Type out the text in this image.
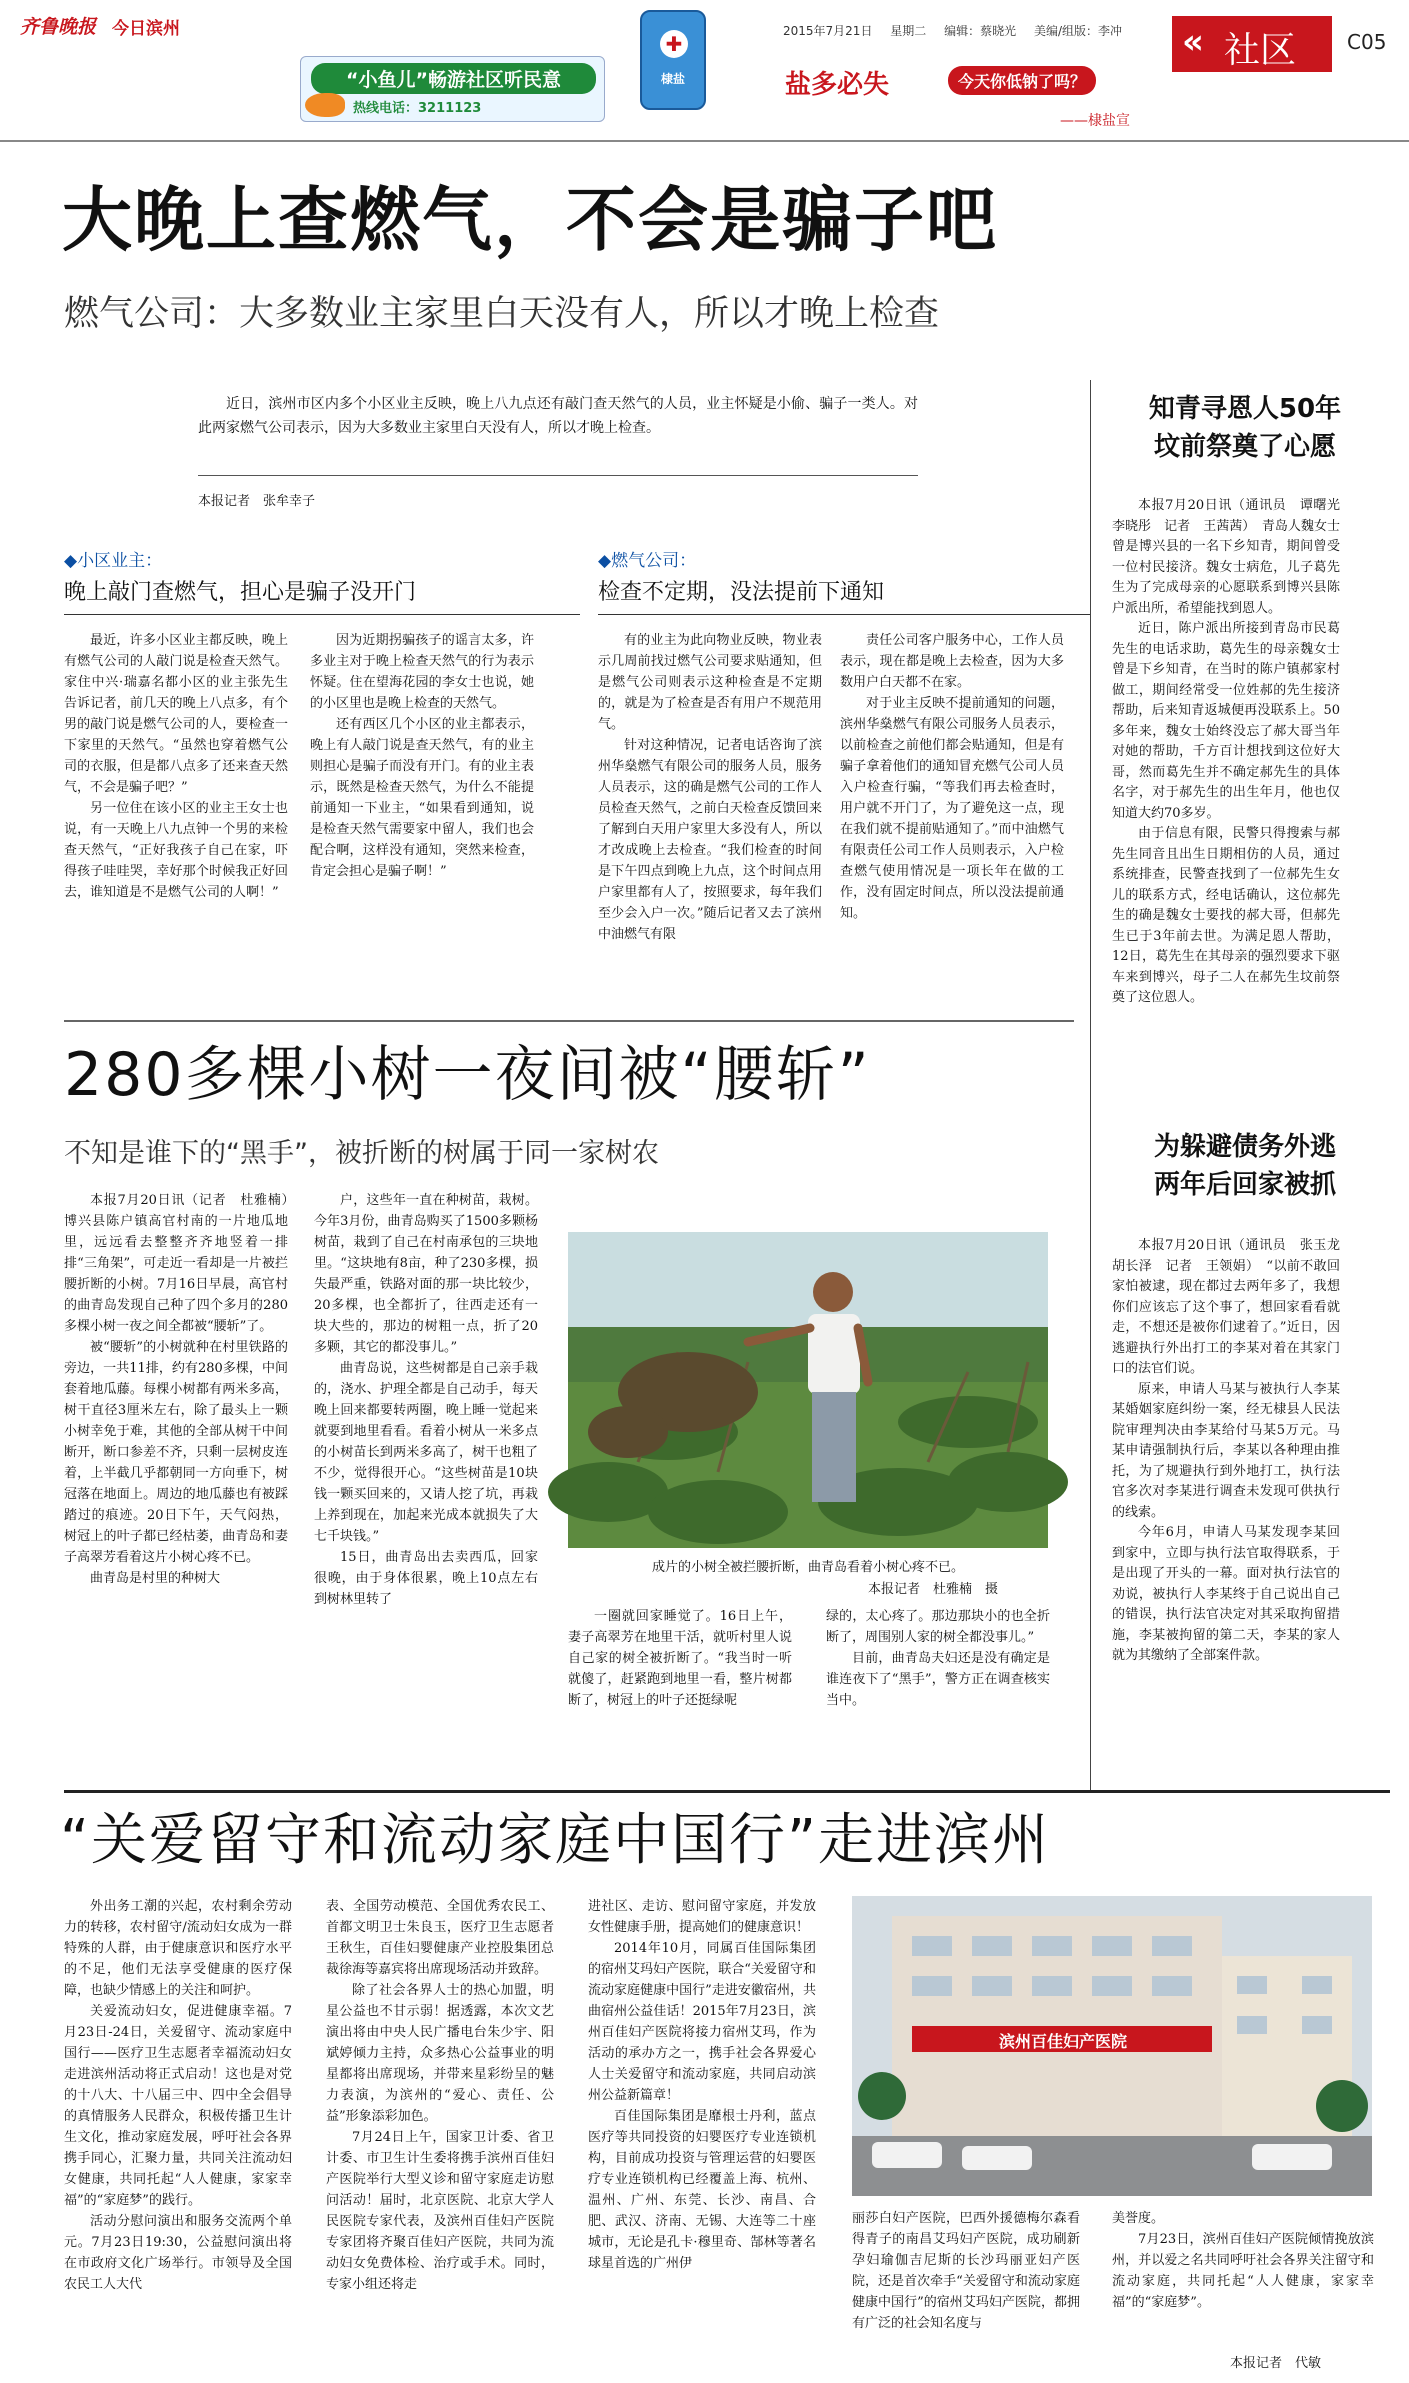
齐鲁晚报 今日滨州
“小鱼儿”畅游社区听民意
热线电话：3211123
✚
棣盐
2015年7月21日 星期二 编辑：蔡晓光 美编/组版：李冲
盐多必失	今天你低钠了吗？
——棣盐宣
« 社区	C05
大晚上查燃气，不会是骗子吧
燃气公司：大多数业主家里白天没有人，所以才晚上检查
近日，滨州市区内多个小区业主反映，晚上八九点还有敲门查天然气的人员，业主怀疑是小偷、骗子一类人。对此两家燃气公司表示，因为大多数业主家里白天没有人，所以才晚上检查。
本报记者　张牟幸子
◆小区业主：
晚上敲门查燃气，担心是骗子没开门
◆燃气公司：
检查不定期，没法提前下通知

最近，许多小区业主都反映，晚上有燃气公司的人敲门说是检查天然气。家住中兴·瑞嘉名都小区的业主张先生告诉记者，前几天的晚上八点多，有个男的敲门说是燃气公司的人，要检查一下家里的天然气。“虽然也穿着燃气公司的衣服，但是都八点多了还来查天然气，不会是骗子吧？”

另一位住在该小区的业主王女士也说，有一天晚上八九点钟一个男的来检查天然气，“正好我孩子自己在家，吓得孩子哇哇哭，幸好那个时候我正好回去，谁知道是不是燃气公司的人啊！”

因为近期拐骗孩子的谣言太多，许多业主对于晚上检查天然气的行为表示怀疑。住在望海花园的李女士也说，她的小区里也是晚上检查的天然气。

还有西区几个小区的业主都表示，晚上有人敲门说是查天然气，有的业主则担心是骗子而没有开门。有的业主表示，既然是检查天然气，为什么不能提前通知一下业主，“如果看到通知，说是检查天然气需要家中留人，我们也会配合啊，这样没有通知，突然来检查，肯定会担心是骗子啊！”

有的业主为此向物业反映，物业表示几周前找过燃气公司要求贴通知，但是燃气公司则表示这种检查是不定期的，就是为了检查是否有用户不规范用气。

针对这种情况，记者电话咨询了滨州华燊燃气有限公司的服务人员，服务人员表示，这的确是燃气公司的工作人员检查天然气，之前白天检查反馈回来了解到白天用户家里大多没有人，所以才改成晚上去检查。“我们检查的时间是下午四点到晚上九点，这个时间点用户家里都有人了，按照要求，每年我们至少会入户一次。”随后记者又去了滨州中油燃气有限

责任公司客户服务中心，工作人员表示，现在都是晚上去检查，因为大多数用户白天都不在家。

对于业主反映不提前通知的问题，滨州华燊燃气有限公司服务人员表示，以前检查之前他们都会贴通知，但是有骗子拿着他们的通知冒充燃气公司人员入户检查行骗，“等我们再去检查时，用户就不开门了，为了避免这一点，现在我们就不提前贴通知了。”而中油燃气有限责任公司工作人员则表示，入户检查燃气使用情况是一项长年在做的工作，没有固定时间点，所以没法提前通知。

知青寻恩人50年
坟前祭奠了心愿

本报7月20日讯（通讯员　谭曙光　李晓彤　记者　王茜茜）　青岛人魏女士曾是博兴县的一名下乡知青，期间曾受一位村民接济。魏女士病危，儿子葛先生为了完成母亲的心愿联系到博兴县陈户派出所，希望能找到恩人。

近日，陈户派出所接到青岛市民葛先生的电话求助，葛先生的母亲魏女士曾是下乡知青，在当时的陈户镇郝家村做工，期间经常受一位姓郝的先生接济帮助，后来知青返城便再没联系上。50多年来，魏女士始终没忘了郝大哥当年对她的帮助，千方百计想找到这位好大哥，然而葛先生并不确定郝先生的具体名字，对于郝先生的出生年月，他也仅知道大约70多岁。

由于信息有限，民警只得搜索与郝先生同音且出生日期相仿的人员，通过系统排查，民警查找到了一位郝先生女儿的联系方式，经电话确认，这位郝先生的确是魏女士要找的郝大哥，但郝先生已于3年前去世。为满足恩人帮助，12日，葛先生在其母亲的强烈要求下驱车来到博兴，母子二人在郝先生坟前祭奠了这位恩人。

为躲避债务外逃
两年后回家被抓

本报7月20日讯（通讯员　张玉龙　胡长泽　记者　王领娟）　“以前不敢回家怕被逮，现在都过去两年多了，我想你们应该忘了这个事了，想回家看看就走，不想还是被你们逮着了。”近日，因逃避执行外出打工的李某对着在其家门口的法官们说。

原来，申请人马某与被执行人李某某婚姻家庭纠纷一案，经无棣县人民法院审理判决由李某给付马某5万元。马某申请强制执行后，李某以各种理由推托，为了规避执行到外地打工，执行法官多次对李某进行调查未发现可供执行的线索。

今年6月，申请人马某发现李某回到家中，立即与执行法官取得联系，于是出现了开头的一幕。面对执行法官的劝说，被执行人李某终于自己说出自己的错误，执行法官决定对其采取拘留措施，李某被拘留的第二天，李某的家人就为其缴纳了全部案件款。

280多棵小树一夜间被“腰斩”
不知是谁下的“黑手”，被折断的树属于同一家树农

本报7月20日讯（记者　杜雅楠）　博兴县陈户镇高官村南的一片地瓜地里，远远看去整整齐齐地竖着一排排“三角架”，可走近一看却是一片被拦腰折断的小树。7月16日早晨，高官村的曲青岛发现自己种了四个多月的280多棵小树一夜之间全都被“腰斩”了。

被“腰斩”的小树就种在村里铁路的旁边，一共11排，约有280多棵，中间套着地瓜藤。每棵小树都有两米多高，树干直径3厘米左右，除了最头上一颗小树幸免于难，其他的全部从树干中间断开，断口参差不齐，只剩一层树皮连着，上半截几乎都朝同一方向垂下，树冠落在地面上。周边的地瓜藤也有被踩踏过的痕迹。20日下午，天气闷热，树冠上的叶子都已经枯萎，曲青岛和妻子高翠芳看着这片小树心疼不已。

曲青岛是村里的种树大

户，这些年一直在种树苗，栽树。今年3月份，曲青岛购买了1500多颗杨树苗，栽到了自己在村南承包的三块地里。“这块地有8亩，种了230多棵，损失最严重，铁路对面的那一块比较少，20多棵，也全都折了，往西走还有一块大些的，那边的树粗一点，折了20多颗，其它的都没事儿。”

曲青岛说，这些树都是自己亲手栽的，浇水、护理全都是自己动手，每天晚上回来都要转两圈，晚上睡一觉起来就要到地里看看。看着小树从一米多点的小树苗长到两米多高了，树干也粗了不少，觉得很开心。“这些树苗是10块钱一颗买回来的，又请人挖了坑，再栽上养到现在，加起来光成本就损失了大七千块钱。”

15日，曲青岛出去卖西瓜，回家很晚，由于身体很累，晚上10点左右到树林里转了

成片的小树全被拦腰折断，曲青岛看着小树心疼不已。
本报记者　杜雅楠　摄

一圈就回家睡觉了。16日上午，妻子高翠芳在地里干活，就听村里人说自己家的树全被折断了。“我当时一听就傻了，赶紧跑到地里一看，整片树都断了，树冠上的叶子还挺绿呢

绿的，太心疼了。那边那块小的也全折断了，周围别人家的树全都没事儿。”

目前，曲青岛夫妇还是没有确定是谁连夜下了“黑手”，警方正在调查核实当中。

“关爱留守和流动家庭中国行”走进滨州

外出务工潮的兴起，农村剩余劳动力的转移，农村留守/流动妇女成为一群特殊的人群，由于健康意识和医疗水平的不足，他们无法享受健康的医疗保障，也缺少情感上的关注和呵护。

关爱流动妇女，促进健康幸福。7月23日-24日，关爱留守、流动家庭中国行——医疗卫生志愿者幸福流动妇女走进滨州活动将正式启动！这也是对党的十八大、十八届三中、四中全会倡导的真情服务人民群众，积极传播卫生计生文化，推动家庭发展，呼吁社会各界携手同心，汇聚力量，共同关注流动妇女健康，共同托起“人人健康，家家幸福”的“家庭梦”的践行。

活动分慰问演出和服务交流两个单元。7月23日19:30，公益慰问演出将在市政府文化广场举行。市领导及全国农民工人大代

表、全国劳动模范、全国优秀农民工、首都文明卫士朱良玉，医疗卫生志愿者王秋生，百佳妇婴健康产业控股集团总裁徐海等嘉宾将出席现场活动并致辞。

除了社会各界人士的热心加盟，明星公益也不甘示弱！据透露，本次文艺演出将由中央人民广播电台朱少宇、阳斌婷倾力主持，众多热心公益事业的明星都将出席现场，并带来星彩纷呈的魅力表演，为滨州的“爱心、责任、公益”形象添彩加色。

7月24日上午，国家卫计委、省卫计委、市卫生计生委将携手滨州百佳妇产医院举行大型义诊和留守家庭走访慰问活动！届时，北京医院、北京大学人民医院专家代表，及滨州百佳妇产医院专家团将齐聚百佳妇产医院，共同为流动妇女免费体检、治疗或手术。同时，专家小组还将走

进社区、走访、慰问留守家庭，并发放女性健康手册，提高她们的健康意识！

2014年10月，同属百佳国际集团的宿州艾玛妇产医院，联合“关爱留守和流动家庭健康中国行”走进安徽宿州，共曲宿州公益佳话！2015年7月23日，滨州百佳妇产医院将接力宿州艾玛，作为活动的承办方之一，携手社会各界爱心人士关爱留守和流动家庭，共同启动滨州公益新篇章！

百佳国际集团是靡根士丹利，蓝点医疗等共同投资的妇婴医疗专业连锁机构，目前成功投资与管理运营的妇婴医疗专业连锁机构已经覆盖上海、杭州、温州、广州、东莞、长沙、南昌、合肥、武汉、济南、无锡、大连等二十座城市，无论是孔卡·穆里奇、郜林等著名球星首选的广州伊

滨州百佳妇产医院

丽莎白妇产医院，巴西外援德梅尔森看得青子的南昌艾玛妇产医院，成功刷新孕妇瑜伽吉尼斯的长沙玛丽亚妇产医院，还是首次牵手“关爱留守和流动家庭健康中国行”的宿州艾玛妇产医院，都拥有广泛的社会知名度与

美誉度。

7月23日，滨州百佳妇产医院倾情挽放滨州，并以爱之名共同呼吁社会各界关注留守和流动家庭，共同托起“人人健康，家家幸福”的“家庭梦”。

本报记者　代敏
